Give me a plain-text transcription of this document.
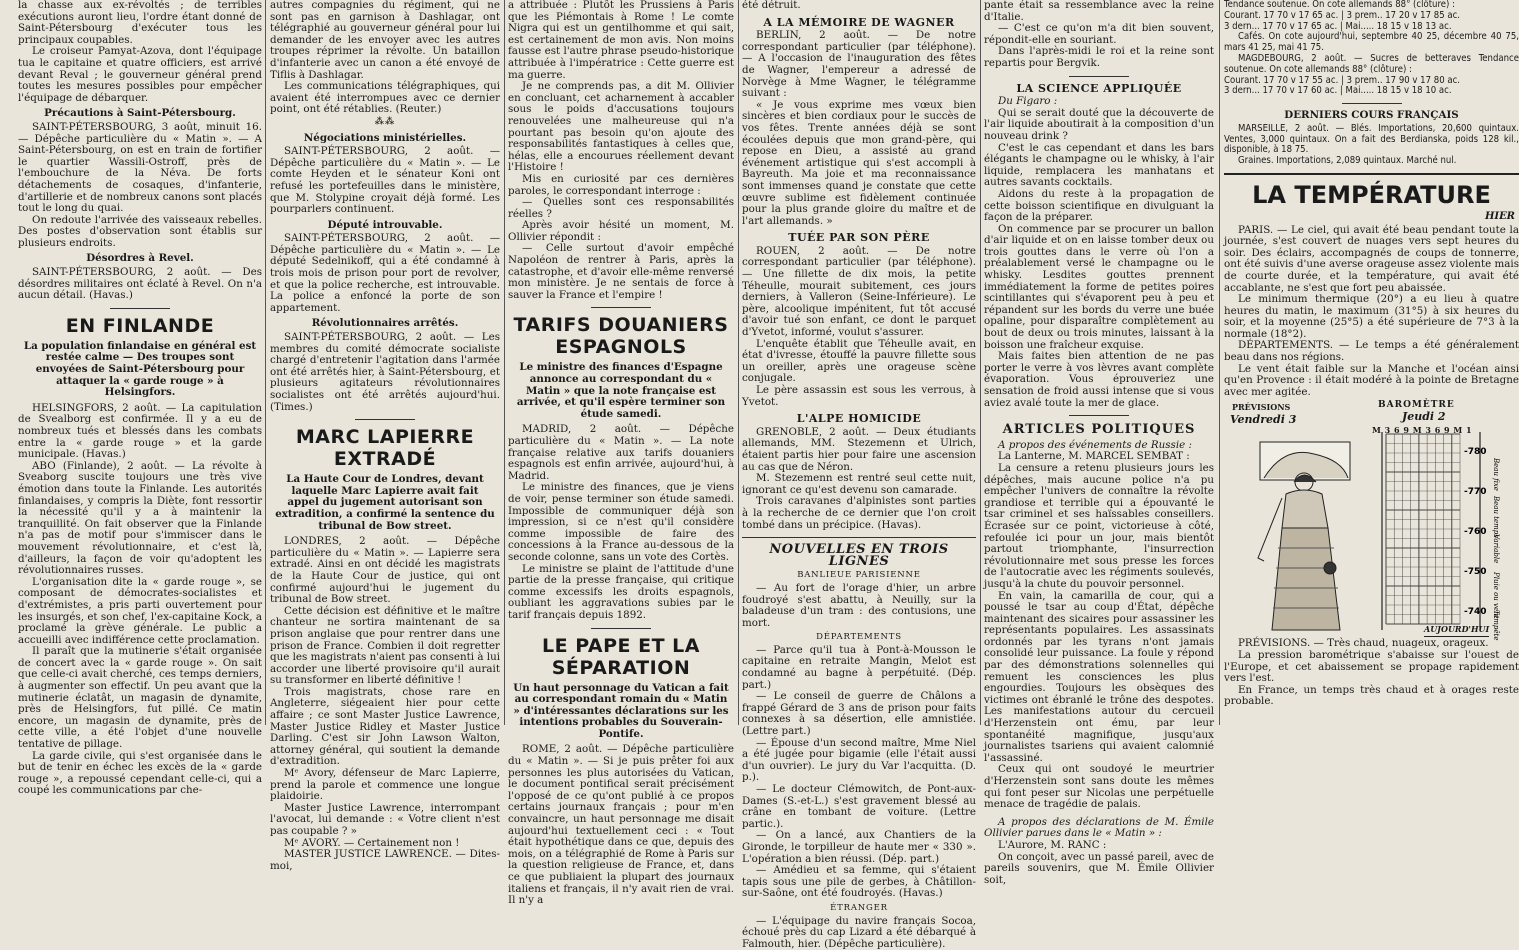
la chasse aux ex-révoltés ; de terribles exécutions auront lieu, l'ordre étant donné de Saint-Pétersbourg d'exécuter tous les principaux coupables.

Le croiseur Pamyat-Azova, dont l'équipage tua le capitaine et quatre officiers, est arrivé devant Reval ; le gouverneur général prend toutes les mesures possibles pour empêcher l'équipage de débarquer.

Précautions à Saint-Pétersbourg.

SAINT-PÉTERSBOURG, 3 août, minuit 16. — Dépêche particulière du « Matin ». — A Saint-Pétersbourg, on est en train de fortifier le quartier Wassili-Ostroff, près de l'embouchure de la Néva. De forts détachements de cosaques, d'infanterie, d'artillerie et de nombreux canons sont placés tout le long du quai.

On redoute l'arrivée des vaisseaux rebelles. Des postes d'observation sont établis sur plusieurs endroits.

Désordres à Revel.

SAINT-PÉTERSBOURG, 2 août. — Des désordres militaires ont éclaté à Revel. On n'a aucun détail. (Havas.)

EN FINLANDE

La population finlandaise en général est restée calme — Des troupes sont envoyées de Saint-Pétersbourg pour attaquer la « garde rouge » à Helsingfors.

HELSINGFORS, 2 août. — La capitulation de Svealborg est confirmée. Il y a eu de nombreux tués et blessés dans les combats entre la « garde rouge » et la garde municipale. (Havas.)

ABO (Finlande), 2 août. — La révolte à Sveaborg suscite toujours une très vive émotion dans toute la Finlande. Les autorités finlandaises, y compris la Diète, font ressortir la nécessité qu'il y a à maintenir la tranquillité. On fait observer que la Finlande n'a pas de motif pour s'immiscer dans le mouvement révolutionnaire, et c'est là, d'ailleurs, la façon de voir qu'adoptent les révolutionnaires russes.

L'organisation dite la « garde rouge », se composant de démocrates-socialistes et d'extrémistes, a pris parti ouvertement pour les insurgés, et son chef, l'ex-capitaine Kock, a proclamé la grève générale. Le public a accueilli avec indifférence cette proclamation.

Il paraît que la mutinerie s'était organisée de concert avec la « garde rouge ». On sait que celle-ci avait cherché, ces temps derniers, à augmenter son effectif. Un peu avant que la mutinerie éclatât, un magasin de dynamite, près de Helsingfors, fut pillé. Ce matin encore, un magasin de dynamite, près de cette ville, a été l'objet d'une nouvelle tentative de pillage.

La garde civile, qui s'est organisée dans le but de tenir en échec les excès de la « garde rouge », a repoussé cependant celle-ci, qui a coupé les communications par che-

autres compagnies du régiment, qui ne sont pas en garnison à Dashlagar, ont télégraphié au gouverneur général pour lui demander de les envoyer avec les autres troupes réprimer la révolte. Un bataillon d'infanterie avec un canon a été envoyé de Tiflis à Dashlagar.

Les communications télégraphiques, qui avaient été interrompues avec ce dernier point, ont été rétablies. (Reuter.)

⁂⁂

Négociations ministérielles.

SAINT-PÉTERSBOURG, 2 août. — Dépêche particulière du « Matin ». — Le comte Heyden et le sénateur Koni ont refusé les portefeuilles dans le ministère, que M. Stolypine croyait déjà formé. Les pourparlers continuent.

Député introuvable.

SAINT-PÉTERSBOURG, 2 août. — Dépêche particulière du « Matin ». — Le député Sedelnikoff, qui a été condamné à trois mois de prison pour port de revolver, et que la police recherche, est introuvable. La police a enfoncé la porte de son appartement.

Révolutionnaires arrêtés.

SAINT-PÉTERSBOURG, 2 août. — Les membres du comité démocrate socialiste chargé d'entretenir l'agitation dans l'armée ont été arrêtés hier, à Saint-Pétersbourg, et plusieurs agitateurs révolutionnaires socialistes ont été arrêtés aujourd'hui. (Times.)

MARC LAPIERRE EXTRADÉ

La Haute Cour de Londres, devant laquelle Marc Lapierre avait fait appel du jugement autorisant son extradition, a confirmé la sentence du tribunal de Bow street.

LONDRES, 2 août. — Dépêche particulière du « Matin ». — Lapierre sera extradé. Ainsi en ont décidé les magistrats de la Haute Cour de justice, qui ont confirmé aujourd'hui le jugement du tribunal de Bow street.

Cette décision est définitive et le maître chanteur ne sortira maintenant de sa prison anglaise que pour rentrer dans une prison de France. Combien il doit regretter que les magistrats n'aient pas consenti à lui accorder une liberté provisoire qu'il aurait su transformer en liberté définitive !

Trois magistrats, chose rare en Angleterre, siégeaient hier pour cette affaire ; ce sont Master Justice Lawrence, Master Justice Ridley et Master Justice Darling. C'est sir John Lawson Walton, attorney général, qui soutient la demande d'extradition.

Mᵉ Avory, défenseur de Marc Lapierre, prend la parole et commence une longue plaidoirie.

Master Justice Lawrence, interrompant l'avocat, lui demande : « Votre client n'est pas coupable ? »

Mᵉ AVORY. — Certainement non !

MASTER JUSTICE LAWRENCE. — Dites-moi,

a attribuée : Plutôt les Prussiens à Paris que les Piémontais à Rome ! Le comte Nigra qui est un gentilhomme et qui sait, est certainement de mon avis. Non moins fausse est l'autre phrase pseudo-historique attribuée à l'impératrice : Cette guerre est ma guerre.

Je ne comprends pas, a dit M. Ollivier en concluant, cet acharnement à accabler sous le poids d'accusations toujours renouvelées une malheureuse qui n'a pourtant pas besoin qu'on ajoute des responsabilités fantastiques à celles que, hélas, elle a encourues réellement devant l'Histoire !

Mis en curiosité par ces dernières paroles, le correspondant interroge :

— Quelles sont ces responsabilités réelles ?

Après avoir hésité un moment, M. Ollivier répondit :

— Celle surtout d'avoir empêché Napoléon de rentrer à Paris, après la catastrophe, et d'avoir elle-même renversé mon ministère. Je ne sentais de force à sauver la France et l'empire !

TARIFS DOUANIERS ESPAGNOLS

Le ministre des finances d'Espagne annonce au correspondant du « Matin » que la note française est arrivée, et qu'il espère terminer son étude samedi.

MADRID, 2 août. — Dépêche particulière du « Matin ». — La note française relative aux tarifs douaniers espagnols est enfin arrivée, aujourd'hui, à Madrid.

Le ministre des finances, que je viens de voir, pense terminer son étude samedi. Impossible de communiquer déjà son impression, si ce n'est qu'il considère comme impossible de faire des concessions à la France au-dessous de la seconde colonne, sans un vote des Cortès.

Le ministre se plaint de l'attitude d'une partie de la presse française, qui critique comme excessifs les droits espagnols, oubliant les aggravations subies par le tarif français depuis 1892.

LE PAPE ET LA SÉPARATION

Un haut personnage du Vatican a fait au correspondant romain du « Matin » d'intéressantes déclarations sur les intentions probables du Souverain-Pontife.

ROME, 2 août. — Dépêche particulière du « Matin ». — Si je puis prêter foi aux personnes les plus autorisées du Vatican, le document pontifical serait précisément l'opposé de ce qu'ont publié à ce propos certains journaux français ; pour m'en convaincre, un haut personnage me disait aujourd'hui textuellement ceci : « Tout était hypothétique dans ce que, depuis des mois, on a télégraphié de Rome à Paris sur la question religieuse de France, et, dans ce que publiaient la plupart des journaux italiens et français, il n'y avait rien de vrai. Il n'y a

été détruit.

A LA MÉMOIRE DE WAGNER

BERLIN, 2 août. — De notre correspondant particulier (par téléphone). — A l'occasion de l'inauguration des fêtes de Wagner, l'empereur a adressé de Norvège à Mme Wagner, le télégramme suivant :

« Je vous exprime mes vœux bien sincères et bien cordiaux pour le succès de vos fêtes. Trente années déjà se sont écoulées depuis que mon grand-père, qui repose en Dieu, a assisté au grand événement artistique qui s'est accompli à Bayreuth. Ma joie et ma reconnaissance sont immenses quand je constate que cette œuvre sublime est fidèlement continuée pour la plus grande gloire du maître et de l'art allemands. »

TUÉE PAR SON PÈRE

ROUEN, 2 août. — De notre correspondant particulier (par téléphone). — Une fillette de dix mois, la petite Téheulle, mourait subitement, ces jours derniers, à Valleron (Seine-Inférieure). Le père, alcoolique impénitent, fut tôt accusé d'avoir tué son enfant, ce dont le parquet d'Yvetot, informé, voulut s'assurer.

L'enquête établit que Téheulle avait, en état d'ivresse, étouffé la pauvre fillette sous un oreiller, après une orageuse scène conjugale.

Le père assassin est sous les verrous, à Yvetot.

L'ALPE HOMICIDE

GRENOBLE, 2 août. — Deux étudiants allemands, MM. Stezemenn et Ulrich, étaient partis hier pour faire une ascension au cas que de Néron.

M. Stezemenn est rentré seul cette nuit, ignorant ce qu'est devenu son camarade.

Trois caravanes d'alpinistes sont parties à la recherche de ce dernier que l'on croit tombé dans un précipice. (Havas).

NOUVELLES EN TROIS LIGNES

BANLIEUE PARISIENNE

— Au fort de l'orage d'hier, un arbre foudroyé s'est abattu, à Neuilly, sur la baladeuse d'un tram : des contusions, une mort.

DÉPARTEMENTS

— Parce qu'il tua à Pont-à-Mousson le capitaine en retraite Mangin, Melot est condamné au bagne à perpétuité. (Dép. part.)

— Le conseil de guerre de Châlons a frappé Gérard de 3 ans de prison pour faits connexes à sa désertion, elle amnistiée. (Lettre part.)

— Épouse d'un second maître, Mme Niel a été jugée pour bigamie (elle l'était aussi d'un ouvrier). Le jury du Var l'acquitta. (D. p.).

— Le docteur Clémowitch, de Pont-aux-Dames (S.-et-L.) s'est gravement blessé au crâne en tombant de voiture. (Lettre partic.).

— On a lancé, aux Chantiers de la Gironde, le torpilleur de haute mer « 330 ». L'opération a bien réussi. (Dép. part.)

— Amédieu et sa femme, qui s'étaient tapis sous une pile de gerbes, à Châtillon-sur-Saône, ont été foudroyés. (Havas.)

ÉTRANGER

— L'équipage du navire français Socoa, échoué près du cap Lizard a été débarqué à Falmouth, hier. (Dépêche particulière).

pante était sa ressemblance avec la reine d'Italie.

— C'est ce qu'on m'a dit bien souvent, répondit-elle en souriant.

Dans l'après-midi le roi et la reine sont repartis pour Bergvik.

LA SCIENCE APPLIQUÉE

Du Figaro :

Qui se serait douté que la découverte de l'air liquide aboutirait à la composition d'un nouveau drink ?

C'est le cas cependant et dans les bars élégants le champagne ou le whisky, à l'air liquide, remplacera les manhatans et autres savants cocktails.

Aidons du reste à la propagation de cette boisson scientifique en divulguant la façon de la préparer.

On commence par se procurer un ballon d'air liquide et on en laisse tomber deux ou trois gouttes dans le verre où l'on a préalablement versé le champagne ou le whisky. Lesdites gouttes prennent immédiatement la forme de petites poires scintillantes qui s'évaporent peu à peu et répandent sur les bords du verre une buée opaline, pour disparaître complètement au bout de deux ou trois minutes, laissant à la boisson une fraîcheur exquise.

Mais faites bien attention de ne pas porter le verre à vos lèvres avant complète évaporation. Vous éprouveriez une sensation de froid aussi intense que si vous aviez avalé toute la mer de glace.

ARTICLES POLITIQUES

A propos des événements de Russie :

La Lanterne, M. MARCEL SEMBAT :

La censure a retenu plusieurs jours les dépêches, mais aucune police n'a pu empêcher l'univers de connaître la révolte grandiose et terrible qui a épouvanté le tsar criminel et ses haïssables conseillers. Écrasée sur ce point, victorieuse à côté, refoulée ici pour un jour, mais bientôt partout triomphante, l'insurrection révolutionnaire met sous presse les forces de l'autocratie avec les régiments soulevés, jusqu'à la chute du pouvoir personnel.

En vain, la camarilla de cour, qui a poussé le tsar au coup d'État, dépêche maintenant des sicaires pour assassiner les représentants populaires. Les assassinats ordonnés par les tyrans n'ont jamais consolidé leur puissance. La foule y répond par des démonstrations solennelles qui remuent les consciences les plus engourdies. Toujours les obsèques des victimes ont ébranlé le trône des despotes. Les manifestations autour du cercueil d'Herzenstein ont ému, par leur spontanéité magnifique, jusqu'aux journalistes tsariens qui avaient calomnié l'assassiné.

Ceux qui ont soudoyé le meurtrier d'Herzenstein sont sans doute les mêmes qui font peser sur Nicolas une perpétuelle menace de tragédie de palais.

A propos des déclarations de M. Émile Ollivier parues dans le « Matin » :

L'Aurore, M. RANC :

On conçoit, avec un passé pareil, avec de pareils souvenirs, que M. Émile Ollivier soit,

Tendance soutenue. On cote allemands 88° (clôture) :

Courant. 17 70 v 17 65 ac. | 3 prem.. 17 20 v 17 85 ac.

3 dern... 17 70 v 17 65 ac. | Mai..... 18 15 v 18 13 ac.

Cafés. On cote aujourd'hui, septembre 40 25, décembre 40 75, mars 41 25, mai 41 75.

MAGDEBOURG, 2 août. — Sucres de betteraves Tendance soutenue. On cote allemands 88° (clôture) :

Courant. 17 70 v 17 55 ac. | 3 prem.. 17 90 v 17 80 ac.

3 dern... 17 70 v 17 60 ac. | Mai..... 18 15 v 18 10 ac.

DERNIERS COURS FRANÇAIS

MARSEILLE, 2 août. — Blés. Importations, 20,600 quintaux. Ventes, 3,000 quintaux. On a fait des Berdianska, poids 128 kil., disponible, à 18 75.

Graines. Importations, 2,089 quintaux. Marché nul.

LA TEMPÉRATURE

HIER

PARIS. — Le ciel, qui avait été beau pendant toute la journée, s'est couvert de nuages vers sept heures du soir. Des éclairs, accompagnés de coups de tonnerre, ont été suivis d'une averse orageuse assez violente mais de courte durée, et la température, qui avait été accablante, ne s'est que fort peu abaissée.

Le minimum thermique (20°) a eu lieu à quatre heures du matin, le maximum (31°5) à six heures du soir, et la moyenne (25°5) a été supérieure de 7°3 à la normale (18°2).

DÉPARTEMENTS. — Le temps a été généralement beau dans nos régions.

Le vent était faible sur la Manche et l'océan ainsi qu'en Provence : il était modéré à la pointe de Bretagne avec mer agitée.

PRÉVISIONS
Vendredi 3
BAROMÈTRE
Jeudi 2
M 3 6 9 M 3 6 9 M 1
-780
-770
-760
-750
-740
Beau fixe
Beau temps
Variable
Pluie ou vent
Tempête
AUJOURD'HUI

PRÉVISIONS. — Très chaud, nuageux, orageux.

La pression barométrique s'abaisse sur l'ouest de l'Europe, et cet abaissement se propage rapidement vers l'est.

En France, un temps très chaud et à orages reste probable.
